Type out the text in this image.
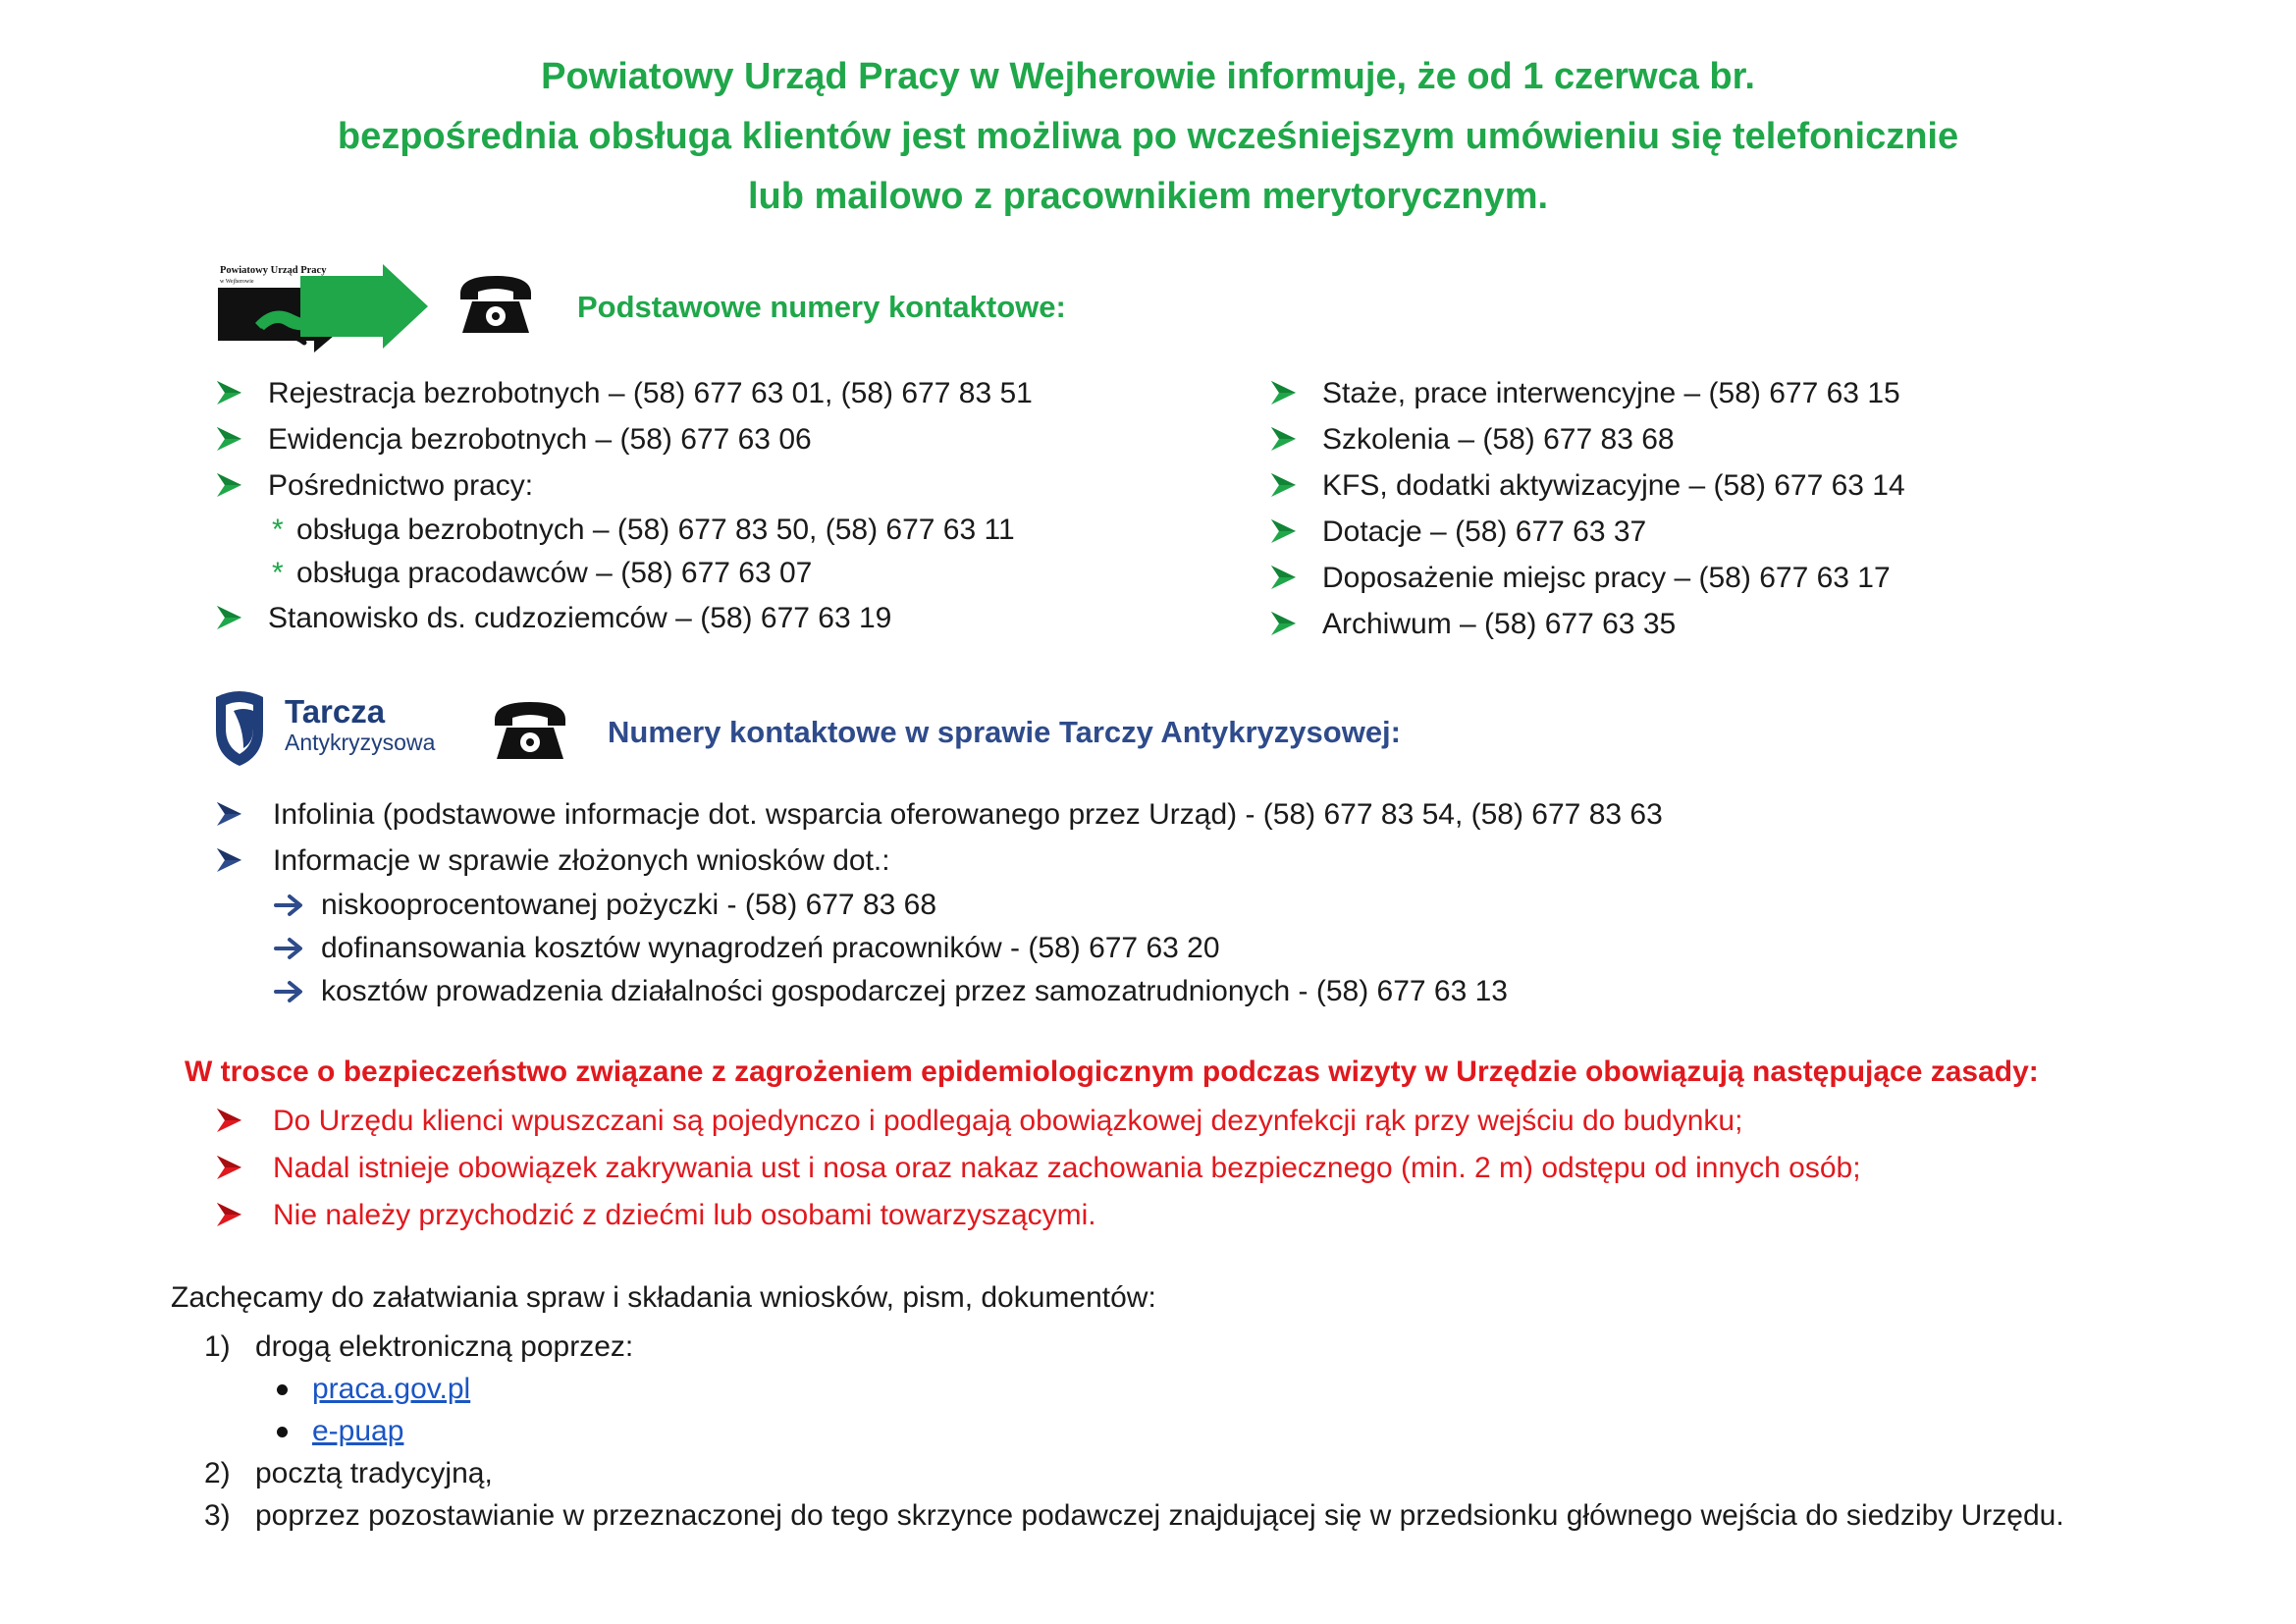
Powiatowy Urząd Pracy w Wejherowie informuje, że od 1 czerwca br.
bezpośrednia obsługa klientów jest możliwa po wcześniejszym umówieniu się telefonicznie
lub mailowo z pracownikiem merytorycznym.
Powiatowy Urząd Pracy
w Wejherowie
Podstawowe numery kontaktowe:
Rejestracja bezrobotnych – (58) 677 63 01, (58) 677 83 51
Ewidencja bezrobotnych – (58) 677 63 06
Pośrednictwo pracy:
* obsługa bezrobotnych – (58) 677 83 50, (58) 677 63 11
* obsługa pracodawców – (58) 677 63 07
Stanowisko ds. cudzoziemców – (58) 677 63 19
Staże, prace interwencyjne – (58) 677 63 15
Szkolenia – (58) 677 83 68
KFS, dodatki aktywizacyjne – (58) 677 63 14
Dotacje – (58) 677 63 37
Doposażenie miejsc pracy – (58) 677 63 17
Archiwum – (58) 677 63 35
Tarcza
Antykryzysowa	Numery kontaktowe w sprawie Tarczy Antykryzysowej:
Infolinia (podstawowe informacje dot. wsparcia oferowanego przez Urząd) - (58) 677 83 54, (58) 677 83 63
Informacje w sprawie złożonych wniosków dot.:
niskooprocentowanej pożyczki - (58) 677 83 68
dofinansowania kosztów wynagrodzeń pracowników - (58) 677 63 20
kosztów prowadzenia działalności gospodarczej przez samozatrudnionych - (58) 677 63 13
W trosce o bezpieczeństwo związane z zagrożeniem epidemiologicznym podczas wizyty w Urzędzie obowiązują następujące zasady:
Do Urzędu klienci wpuszczani są pojedynczo i podlegają obowiązkowej dezynfekcji rąk przy wejściu do budynku;
Nadal istnieje obowiązek zakrywania ust i nosa oraz nakaz zachowania bezpiecznego (min. 2 m) odstępu od innych osób;
Nie należy przychodzić z dziećmi lub osobami towarzyszącymi.
Zachęcamy do załatwiania spraw i składania wniosków, pism, dokumentów:
1) drogą elektroniczną poprzez:
praca.gov.pl
e-puap
2) pocztą tradycyjną,
3) poprzez pozostawianie w przeznaczonej do tego skrzynce podawczej znajdującej się w przedsionku głównego wejścia do siedziby Urzędu.
